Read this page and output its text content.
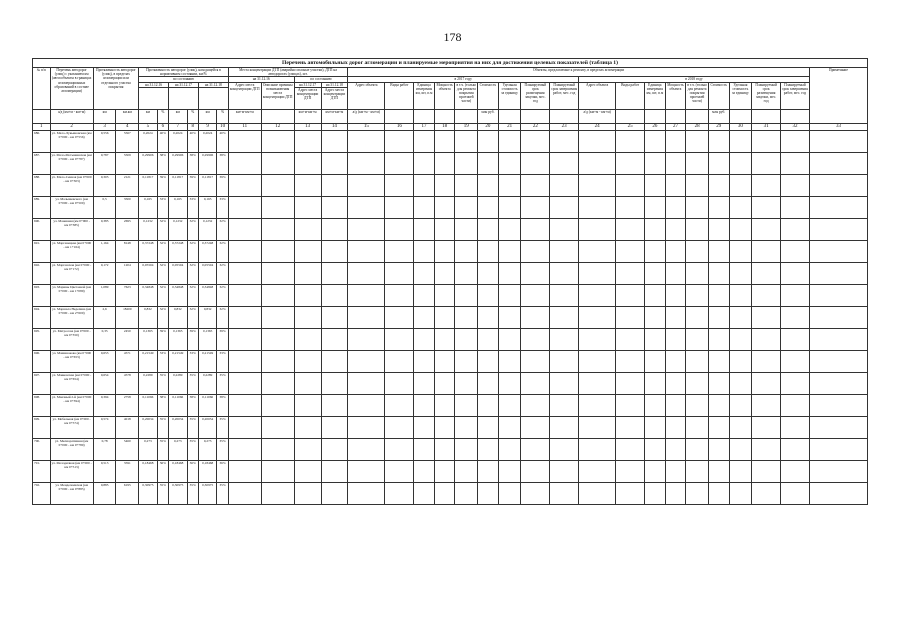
178
Перечень автомобильных дорог агломерации и планируемые мероприятия на них для достижения целевых показателей (таблица 1)																																
№ п/п	Перечень автодорог (улиц) с указанием км (автоcобъекты в границах агломерационных образований в составе агломерации)	Протяженность автодорог (улиц), в пределах агломерации или отдельного участка покрытия		Протяженность автодорог (улиц), находящейся в нормативном состоянии, км/%						Места концентрации ДТП (аварийно опасные участки), ДТП на автодорогах (улицах), шт.				Объекты, предлагаемые к ремонту, в пределах агломерации																		Примечание
				по состоянию						на 31.12.16		по состоянию		в 2017 году									в 2018 году									
				на 31.12.16		на 31.12.17		на 31.12.18		Адрес места концентрации ДТП	Описание причины возникновения места концентрации ДТП	на 31.12.17	на 31.12.18	Адрес объекта	Виды работ	Единица измерения км, шт, п.м	Мощность объекта	в т.ч. (только для ремонта покрытия проезжей части)	Стоимость	Удельная стоимость за единицу	Планируемый срок размещения закупки, мес. год	Планируемый срок завершения работ, мес. год	Адрес объекта	Виды работ	Единица измерения км, шт, п.м	Мощность объекта	в т.ч. (только для ремонта покрытия проезжей части)	Стоимость	Удельная стоимость за единицу	Планируемый срок размещения закупки, мес. год	Планируемый срок завершения работ, мес. год	
												Адрес места концентрации ДТП	Адрес места концентрации ДТП																			
	а/д (км+м - км+м)	км	км.км	км	%	км	%	км	%	км+м-км+м		км+м-км+м	км+м-км+м	а/д (км+м - км+м)					млн руб.				а/д (км+м - км+м)					млн руб.				
1	2	3	4	5	6	7	8	9	10	11	12	13	14	15	16	17	18	19	20	21	22	23	24	25	26	27	28	29	30	31	32	33
686.	ул. Мало-Лукьяновская (км 0+000 - км 0+556)	0,556	5567	0,2024	40%	0,2024	40%	0,2024	40%																							
687.	ул. Мало-Мотыжинская (км 0+000 - км 0+787)	0,787	5509	0,29906	38%	0,29906	38%	0,29906	38%																							
688.	ул. Мало-Сенная (км 0+000 - км 0+303)	0,303	2121	0,11817	39%	0,11817	39%	0,11817	39%																							
689.	ул. Малышевского (км 0+000 - км 0+500)	0,5	3500	0,165	33%	0,165	33%	0,165	33%																							
690.	ул. Маневная (км 0+000 - км 0+385)	0,385	2695	0,1232	32%	0,1232	32%	0,1232	32%																							
691.	ул. Марганецкая (км 0+000 - км 1+164)	1,164	8148	0,37248	32%	0,37248	32%	0,37248	32%																							
692.	ул. Марганская (км 0+000 - км 0+172)	0,172	1204	0,05504	32%	0,05504	32%	0,05504	32%																							
693.	ул. Марины Цветаевой (км 0+000 - км 1+089)	1,089	7623	0,34848	32%	0,34848	32%	0,34848	32%																							
694.	ул. Маршала Неделина (км 0+000 - км 2+600)	2,6	18200	0,832	32%	0,832	32%	0,832	32%																							
695.	ул. Матросова (км 0+000 - км 0+350)	0,35	2450	0,1365	39%	0,1365	39%	0,1365	39%																							
696.	ул. Машинокова (км 0+000 - км 0+653)	0,653	4571	0,21549	33%	0,21549	33%	0,21549	33%																							
697.	ул. Маяковская (км 0+000 - км 0+654)	0,654	4578	0,2289	35%	0,2289	35%	0,2289	35%																							
698.	ул. Маячный 2-й (км 0+000 - км 0+394)	0,394	2758	0,11066	38%	0,11066	38%	0,11066	38%																							
699.	ул. Мебельная (км 0+000 - км 0+574)	0,574	4018	0,20034	35%	0,20034	35%	0,20034	35%																							
700.	ул. Мелиоративная (км 0+000 - км 0+780)	0,78	5460	0,273	35%	0,273	35%	0,273	35%																							
701.	ул. Мелодичная (км 0+000 - км 0+513)	0,513	3591	0,18468	36%	0,18468	36%	0,18468	36%																							
702.	ул. Менделеевская (км 0+000 - км 0+885)	0,885	6195	0,30975	35%	0,30975	35%	0,30975	35%																							
